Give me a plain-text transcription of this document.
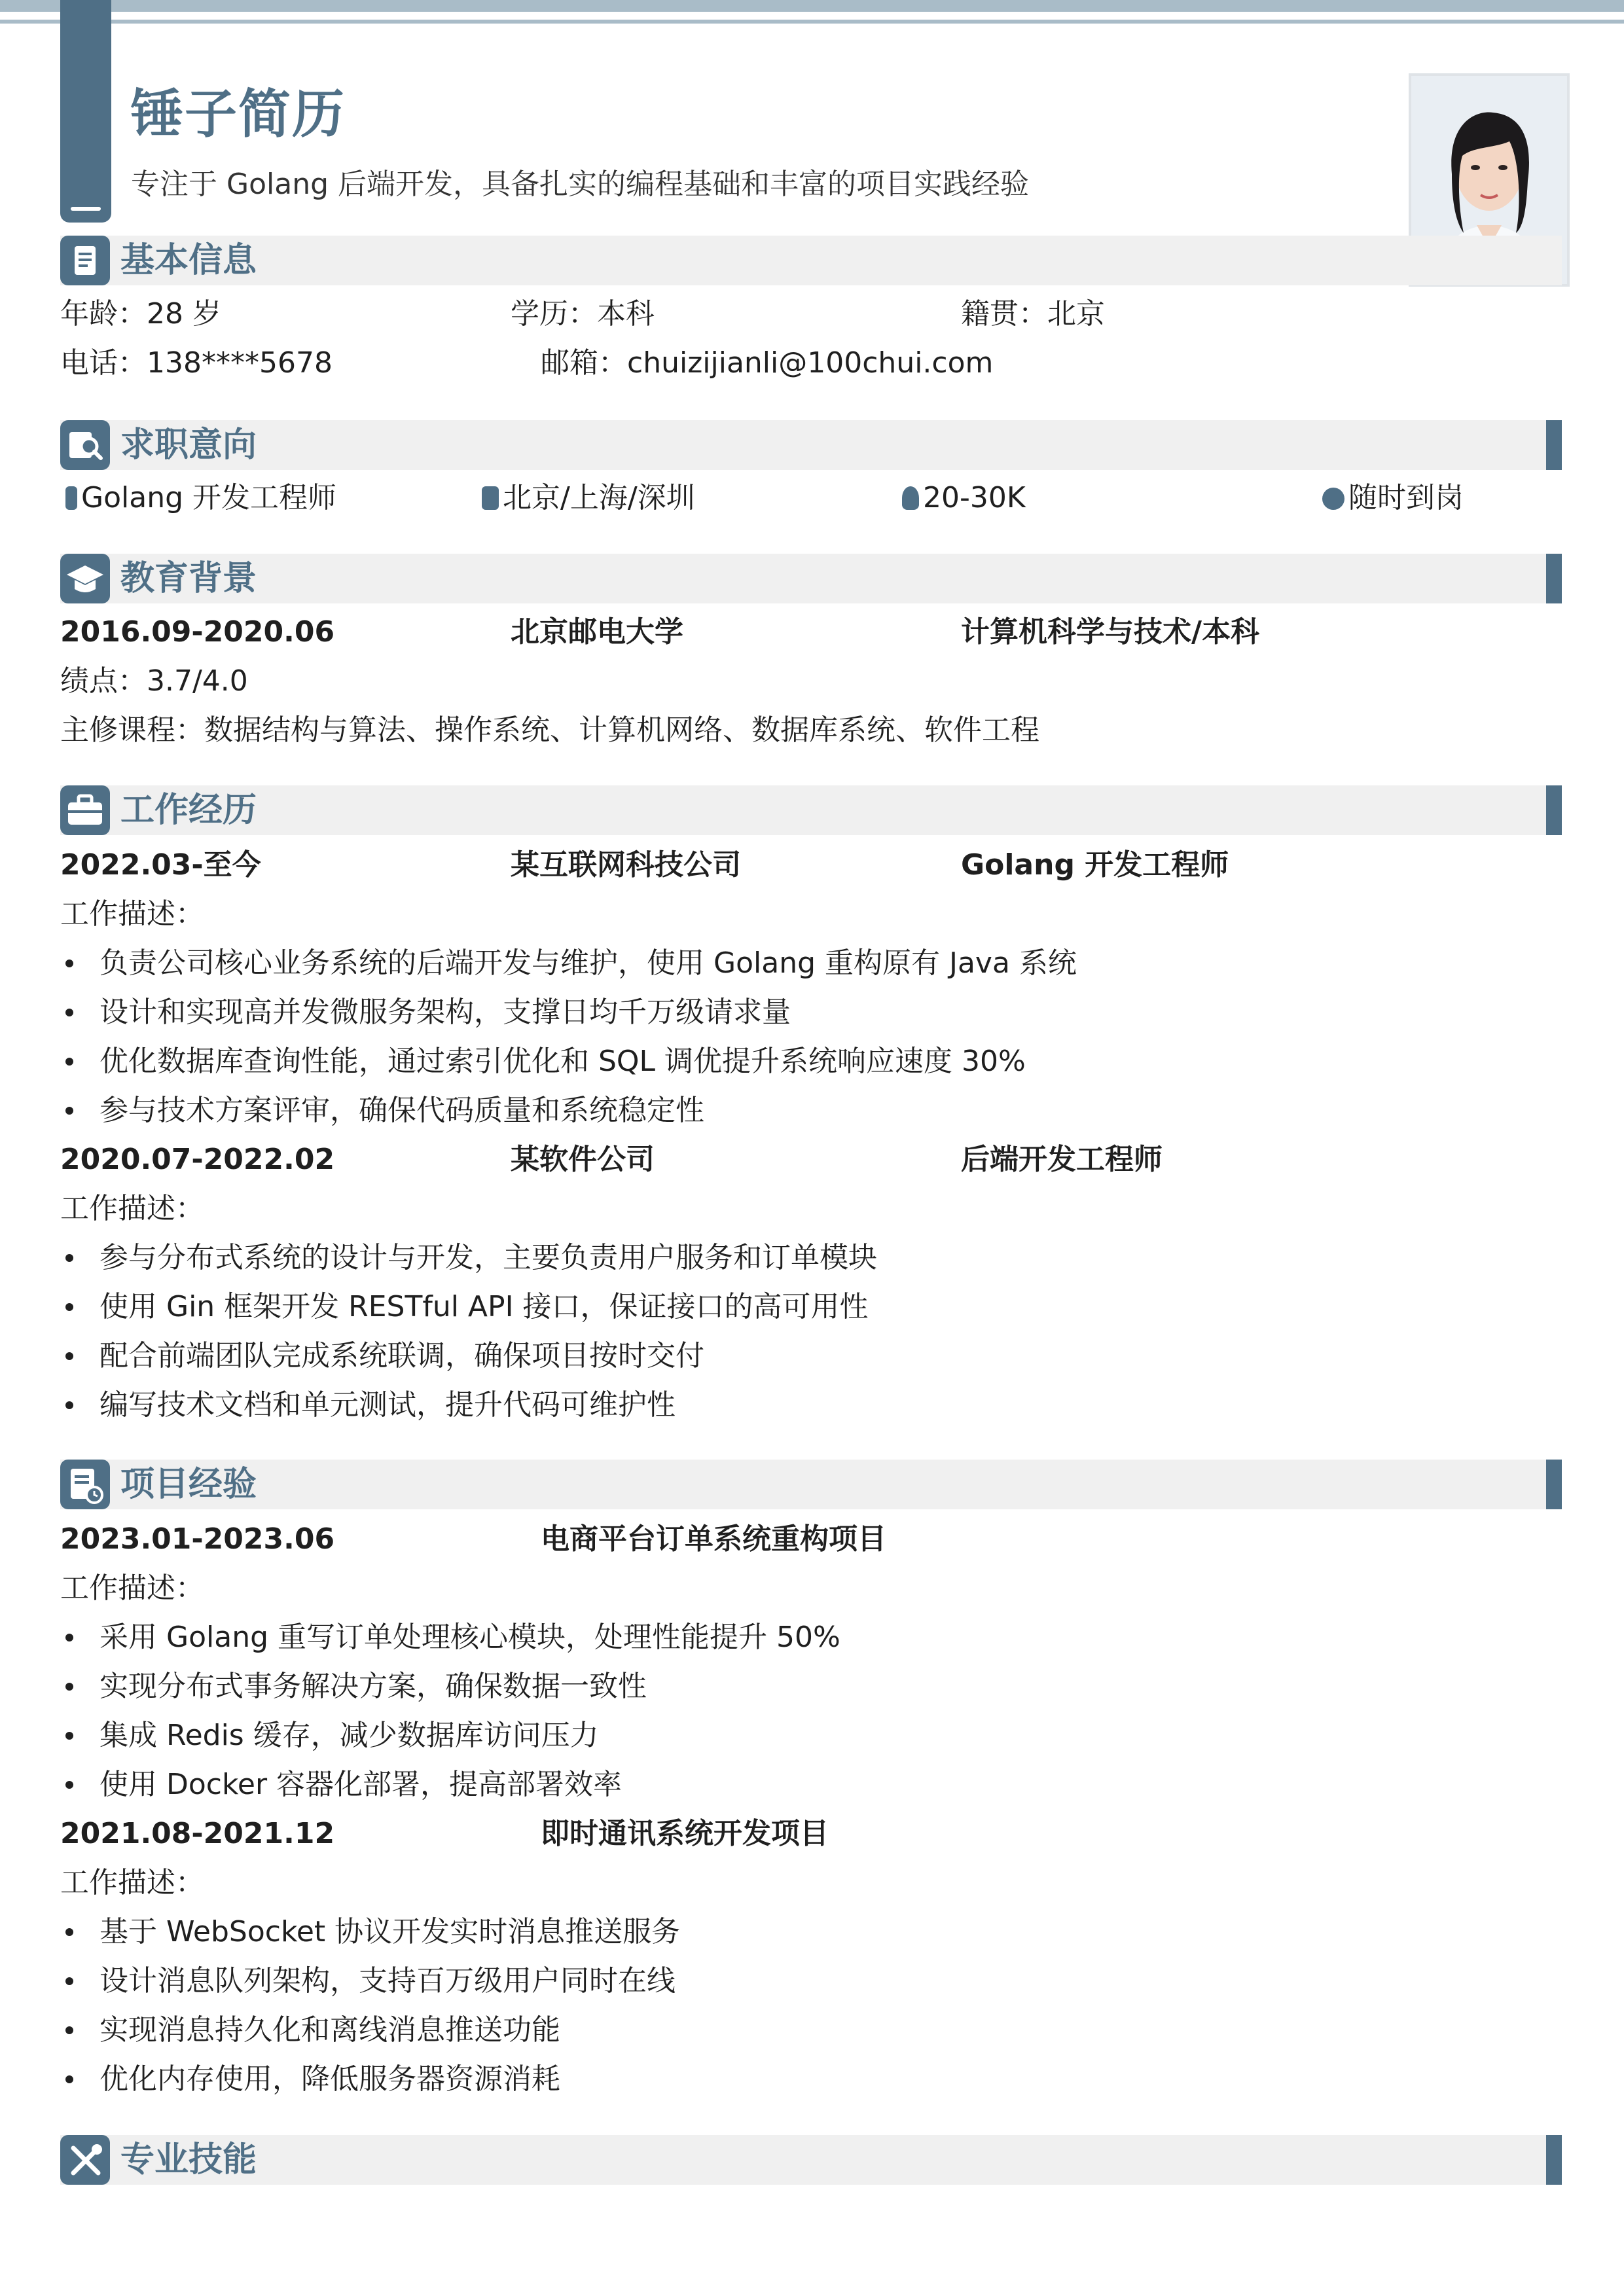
锤子简历

专注于 Golang 后端开发，具备扎实的编程基础和丰富的项目实践经验

基本信息

年龄：28 岁	学历：本科	籍贯：北京

电话：138****5678	邮箱：chuizijianli@100chui.com

求职意向

Golang 开发工程师	北京/上海/深圳	20-30K	随时到岗

教育背景

2016.09-2020.06	北京邮电大学	计算机科学与技术/本科

绩点：3.7/4.0

主修课程：数据结构与算法、操作系统、计算机网络、数据库系统、软件工程

工作经历

2022.03-至今	某互联网科技公司	Golang 开发工程师

工作描述：

负责公司核心业务系统的后端开发与维护，使用 Golang 重构原有 Java 系统

设计和实现高并发微服务架构，支撑日均千万级请求量

优化数据库查询性能，通过索引优化和 SQL 调优提升系统响应速度 30%

参与技术方案评审，确保代码质量和系统稳定性

2020.07-2022.02	某软件公司	后端开发工程师

工作描述：

参与分布式系统的设计与开发，主要负责用户服务和订单模块

使用 Gin 框架开发 RESTful API 接口，保证接口的高可用性

配合前端团队完成系统联调，确保项目按时交付

编写技术文档和单元测试，提升代码可维护性

项目经验

2023.01-2023.06	电商平台订单系统重构项目

工作描述：

采用 Golang 重写订单处理核心模块，处理性能提升 50%

实现分布式事务解决方案，确保数据一致性

集成 Redis 缓存，减少数据库访问压力

使用 Docker 容器化部署，提高部署效率

2021.08-2021.12	即时通讯系统开发项目

工作描述：

基于 WebSocket 协议开发实时消息推送服务

设计消息队列架构，支持百万级用户同时在线

实现消息持久化和离线消息推送功能

优化内存使用，降低服务器资源消耗

专业技能
